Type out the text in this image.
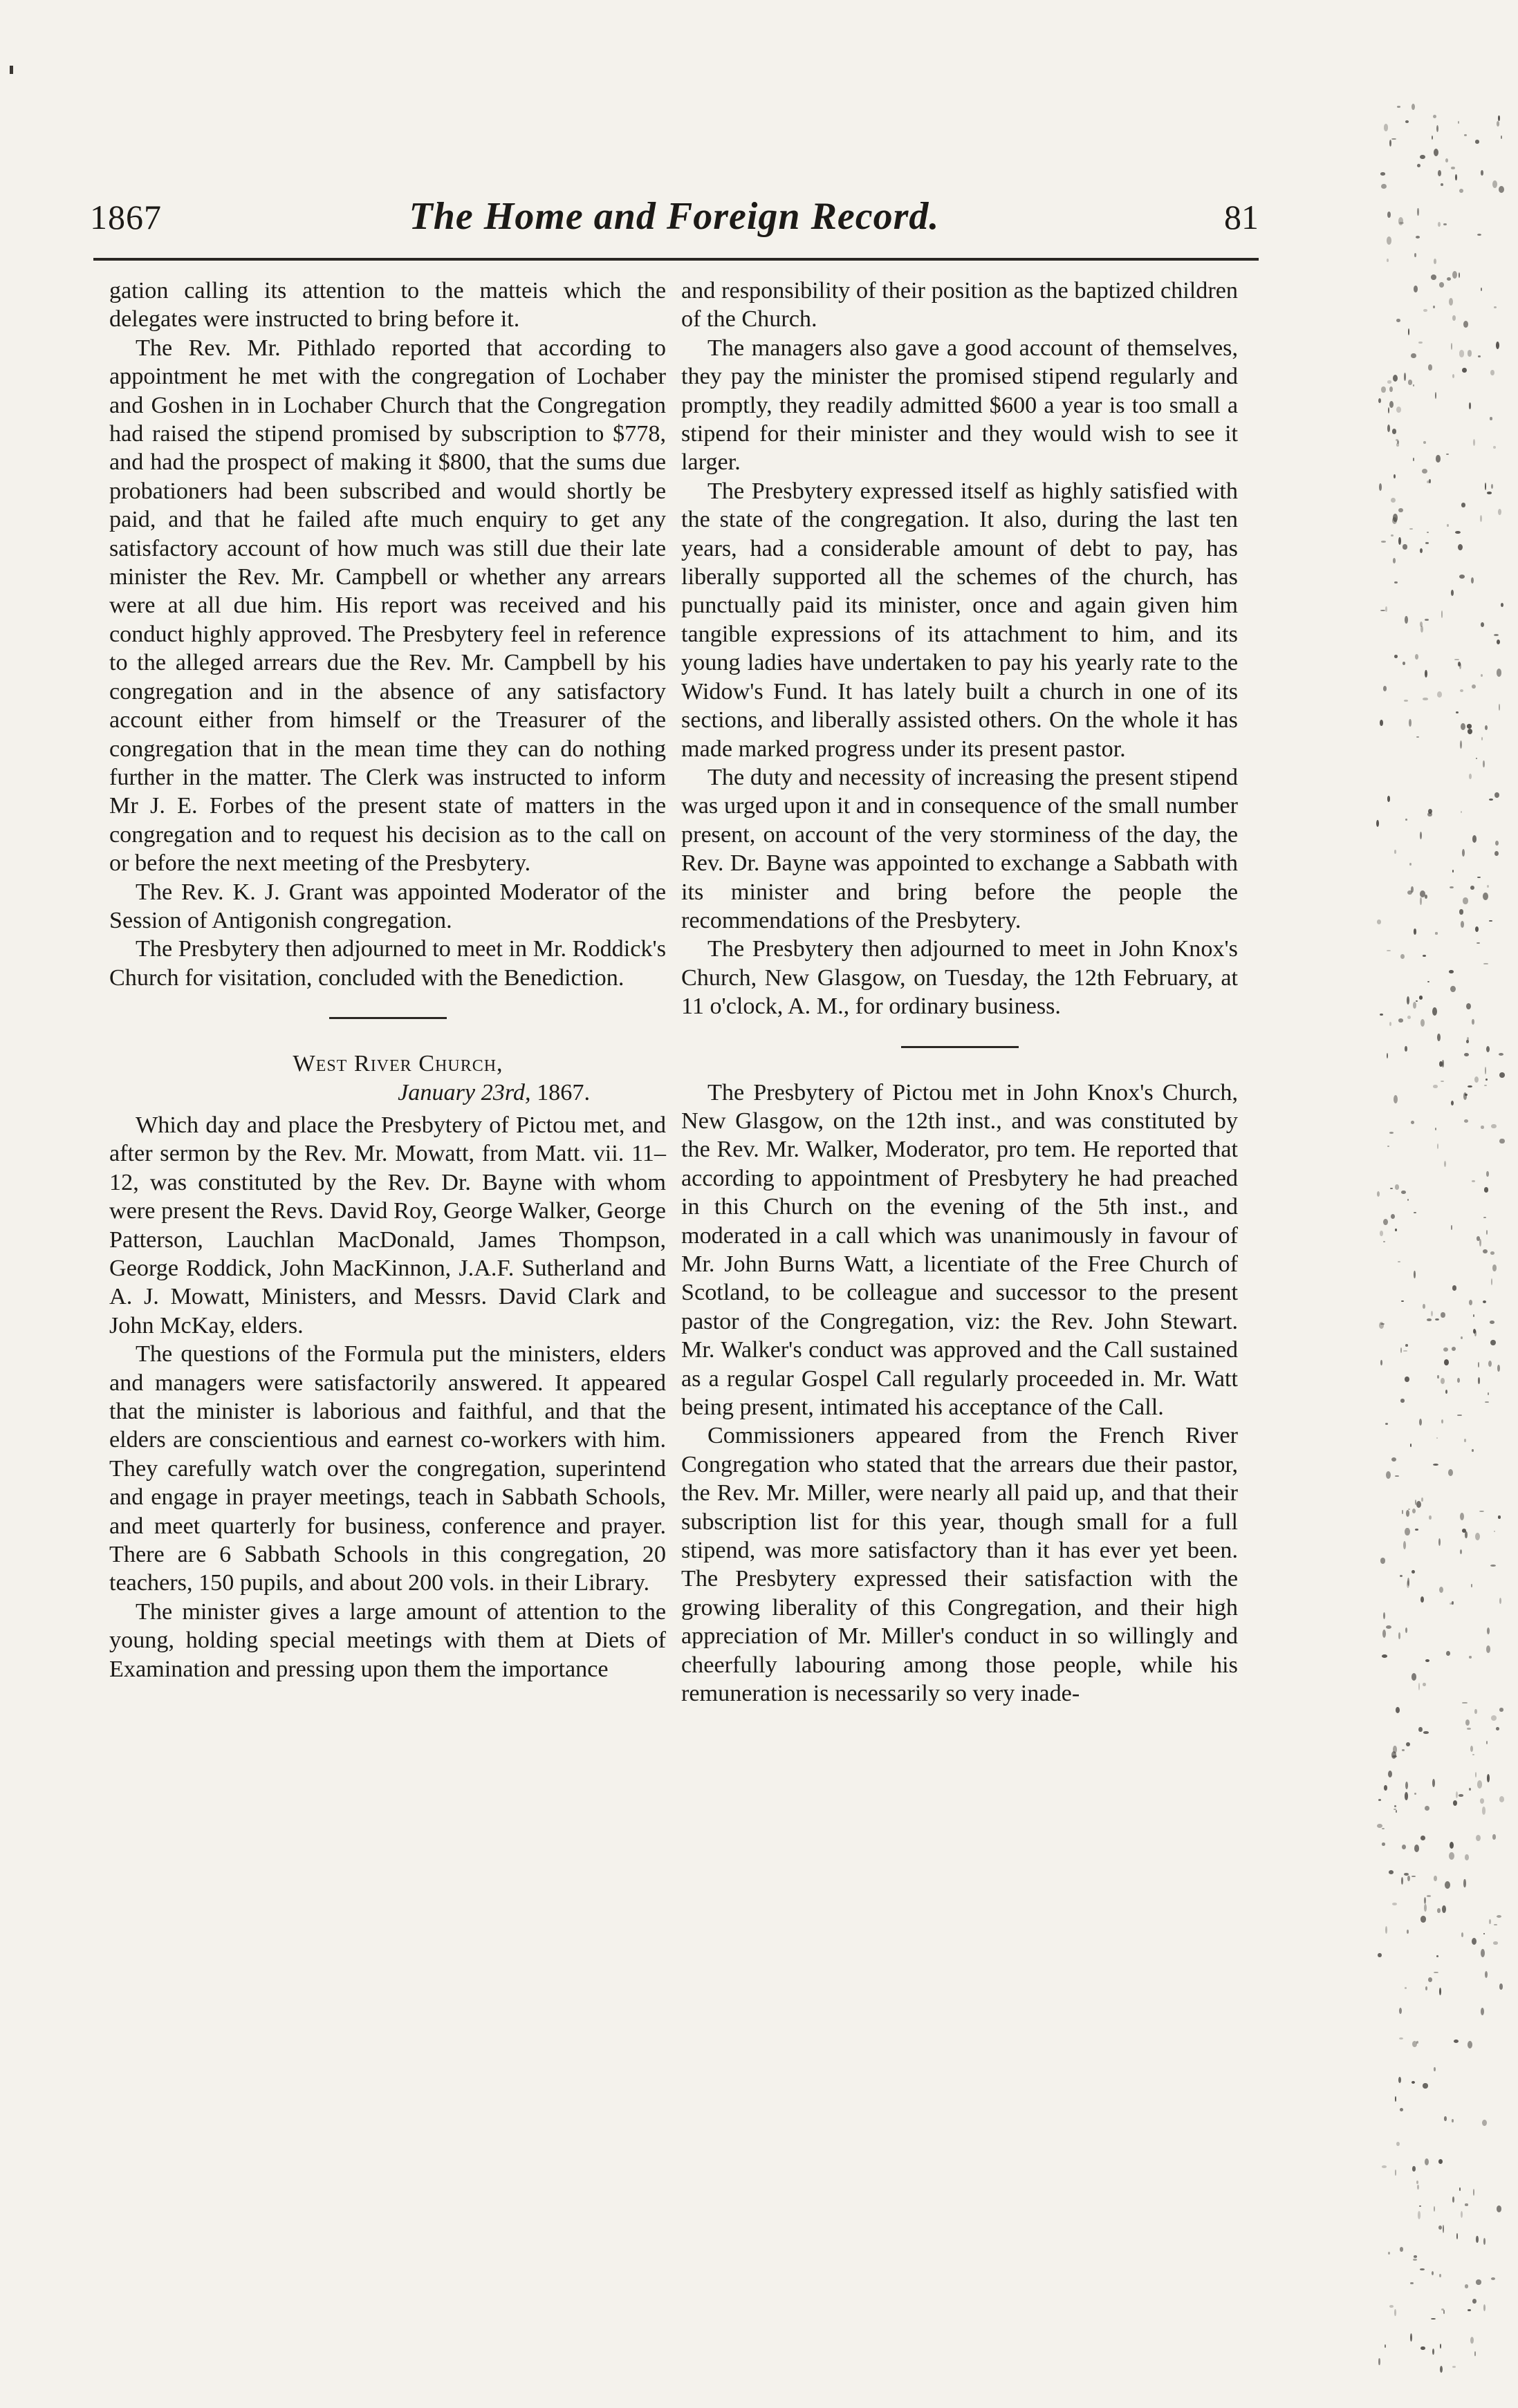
1867	The Home and Foreign Record.	81

gation calling its attention to the matteis which the delegates were instructed to bring before it.

The Rev. Mr. Pithlado reported that according to appointment he met with the congregation of Lochaber and Goshen in in Lochaber Church that the Congregation had raised the stipend promised by subscription to $778, and had the prospect of making it $800, that the sums due probationers had been subscribed and would shortly be paid, and that he failed afte much enquiry to get any satisfactory account of how much was still due their late minister the Rev. Mr. Campbell or whether any arrears were at all due him. His report was received and his conduct highly approved. The Presbytery feel in reference to the alleged arrears due the Rev. Mr. Campbell by his congregation and in the absence of any satisfactory account either from himself or the Treasurer of the congregation that in the mean time they can do nothing further in the matter. The Clerk was instructed to inform Mr J. E. Forbes of the present state of matters in the congregation and to request his decision as to the call on or before the next meeting of the Presbytery.

The Rev. K. J. Grant was appointed Moderator of the Session of Antigonish congregation.

The Presbytery then adjourned to meet in Mr. Roddick's Church for visitation, concluded with the Benediction.

West River Church,

January 23rd, 1867.

Which day and place the Presbytery of Pictou met, and after sermon by the Rev. Mr. Mowatt, from Matt. vii. 11–12, was constituted by the Rev. Dr. Bayne with whom were present the Revs. David Roy, George Walker, George Patterson, Lauchlan MacDonald, James Thompson, George Roddick, John MacKinnon, J.A.F. Sutherland and A. J. Mowatt, Ministers, and Messrs. David Clark and John McKay, elders.

The questions of the Formula put the ministers, elders and managers were satisfactorily answered. It appeared that the minister is laborious and faithful, and that the elders are conscientious and earnest co-workers with him. They carefully watch over the congregation, superintend and engage in prayer meetings, teach in Sabbath Schools, and meet quarterly for business, conference and prayer. There are 6 Sabbath Schools in this congregation, 20 teachers, 150 pupils, and about 200 vols. in their Library.

The minister gives a large amount of attention to the young, holding special meetings with them at Diets of Examination and pressing upon them the importance

and responsibility of their position as the baptized children of the Church.

The managers also gave a good account of themselves, they pay the minister the promised stipend regularly and promptly, they readily admitted $600 a year is too small a stipend for their minister and they would wish to see it larger.

The Presbytery expressed itself as highly satisfied with the state of the congregation. It also, during the last ten years, had a considerable amount of debt to pay, has liberally supported all the schemes of the church, has punctually paid its minister, once and again given him tangible expressions of its attachment to him, and its young ladies have undertaken to pay his yearly rate to the Widow's Fund. It has lately built a church in one of its sections, and liberally assisted others. On the whole it has made marked progress under its present pastor.

The duty and necessity of increasing the present stipend was urged upon it and in consequence of the small number present, on account of the very storminess of the day, the Rev. Dr. Bayne was appointed to exchange a Sabbath with its minister and bring before the people the recommendations of the Presbytery.

The Presbytery then adjourned to meet in John Knox's Church, New Glasgow, on Tuesday, the 12th February, at 11 o'clock, A. M., for ordinary business.

The Presbytery of Pictou met in John Knox's Church, New Glasgow, on the 12th inst., and was constituted by the Rev. Mr. Walker, Moderator, pro tem. He reported that according to appointment of Presbytery he had preached in this Church on the evening of the 5th inst., and moderated in a call which was unanimously in favour of Mr. John Burns Watt, a licentiate of the Free Church of Scotland, to be colleague and successor to the present pastor of the Congregation, viz: the Rev. John Stewart. Mr. Walker's conduct was approved and the Call sustained as a regular Gospel Call regularly proceeded in. Mr. Watt being present, intimated his acceptance of the Call.

Commissioners appeared from the French River Congregation who stated that the arrears due their pastor, the Rev. Mr. Miller, were nearly all paid up, and that their subscription list for this year, though small for a full stipend, was more satisfactory than it has ever yet been. The Presbytery expressed their satisfaction with the growing liberality of this Congregation, and their high appreciation of Mr. Miller's conduct in so willingly and cheerfully labouring among those people, while his remuneration is necessarily so very inade-
